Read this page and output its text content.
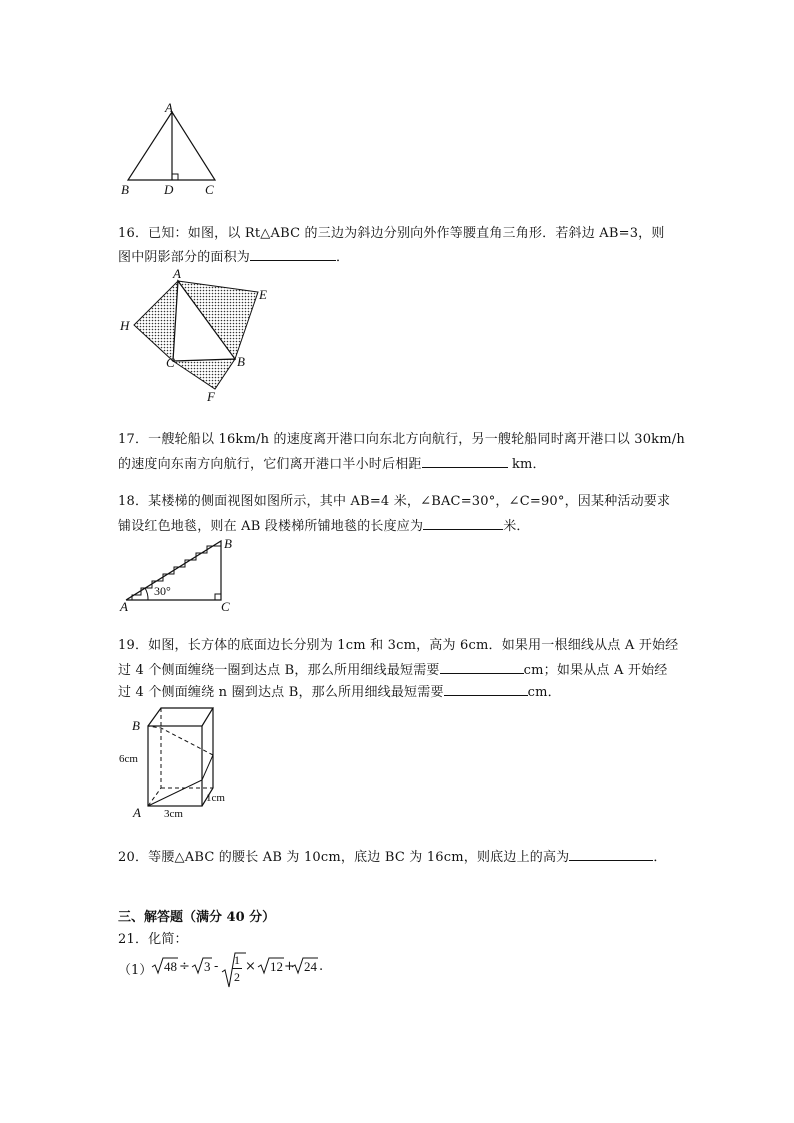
A
B	D C
16．已知：如图，以 Rt△ABC 的三边为斜边分别向外作等腰直角三角形．若斜边 AB=3，则
图中阴影部分的面积为	．
A
E
H
C	B
F
17．一艘轮船以 16km/h 的速度离开港口向东北方向航行，另一艘轮船同时离开港口以 30km/h
的速度向东南方向航行，它们离开港口半小时后相距	km．
18．某楼梯的侧面视图如图所示，其中 AB=4 米，∠BAC=30°，∠C=90°，因某种活动要求
铺设红色地毯，则在 AB 段楼梯所铺地毯的长度应为	米．
B
A	C
30°
19．如图，长方体的底面边长分别为 1cm 和 3cm，高为 6cm．如果用一根细线从点 A 开始经
过 4 个侧面缠绕一圈到达点 B，那么所用细线最短需要	cm；如果从点 A 开始经
过 4 个侧面缠绕 n 圈到达点 B，那么所用细线最短需要	cm．
B
A
6cm
1cm
3cm
20．等腰△ABC 的腰长 AB 为 10cm，底边 BC 为 16cm，则底边上的高为	．
三、解答题（满分 40 分）
21．化简：
（1） 48 ÷ 3 - 1
2
× 12 + 24 .
